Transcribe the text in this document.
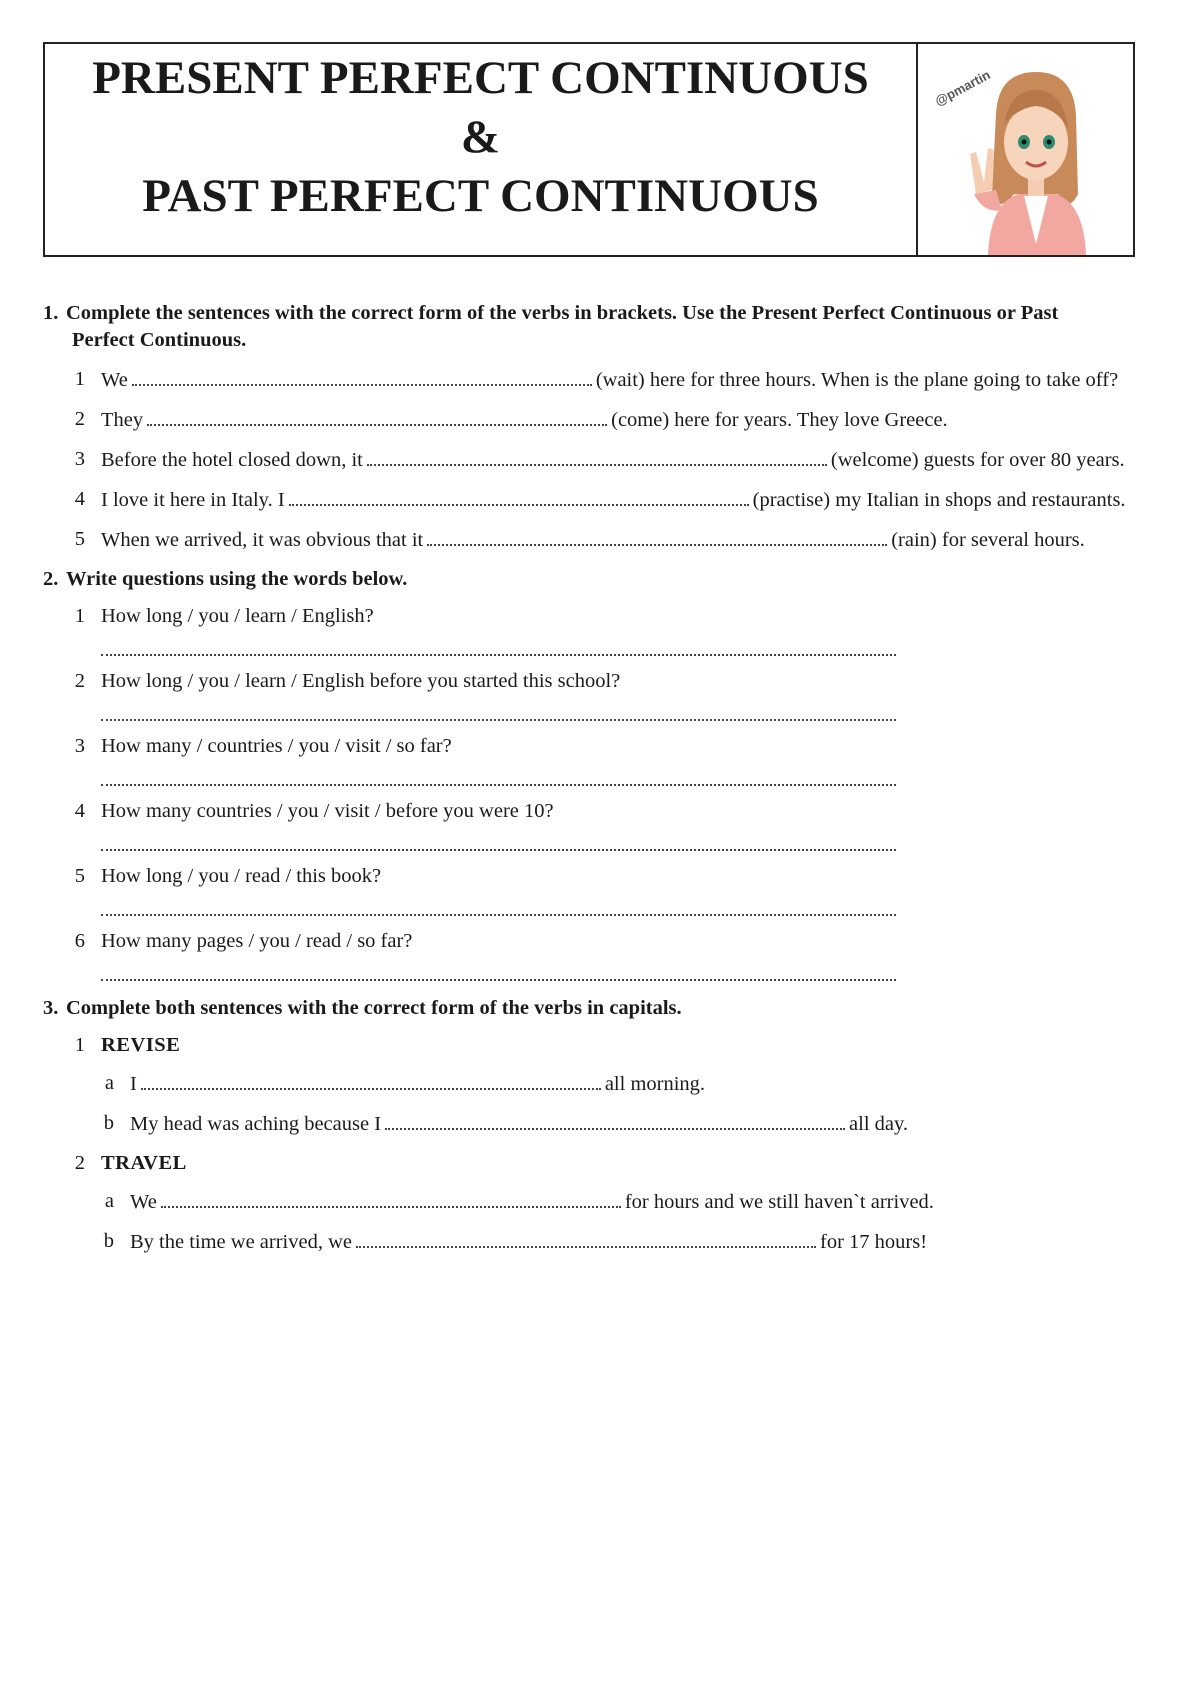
PRESENT PERFECT CONTINUOUS
&
PAST PERFECT CONTINUOUS
@pmartin
1. Complete the sentences with the correct form of the verbs in brackets. Use the Present Perfect Continuous or Past
Perfect Continuous.
1 We	(wait) here for three hours. When is the plane going to take off?
2 They	(come) here for years. They love Greece.
3 Before the hotel closed down, it	(welcome) guests for over 80 years.
4 I love it here in Italy. I	(practise) my Italian in shops and restaurants.
5 When we arrived, it was obvious that it	(rain) for several hours.
2. Write questions using the words below.
1 How long / you / learn / English?
2 How long / you / learn / English before you started this school?
3 How many / countries / you / visit / so far?
4 How many countries / you / visit / before you were 10?
5 How long / you / read / this book?
6 How many pages / you / read / so far?
3. Complete both sentences with the correct form of the verbs in capitals.
1 REVISE
a I	all morning.
b My head was aching because I	all day.
2 TRAVEL
a We	for hours and we still haven`t arrived.
b By the time we arrived, we	for 17 hours!
